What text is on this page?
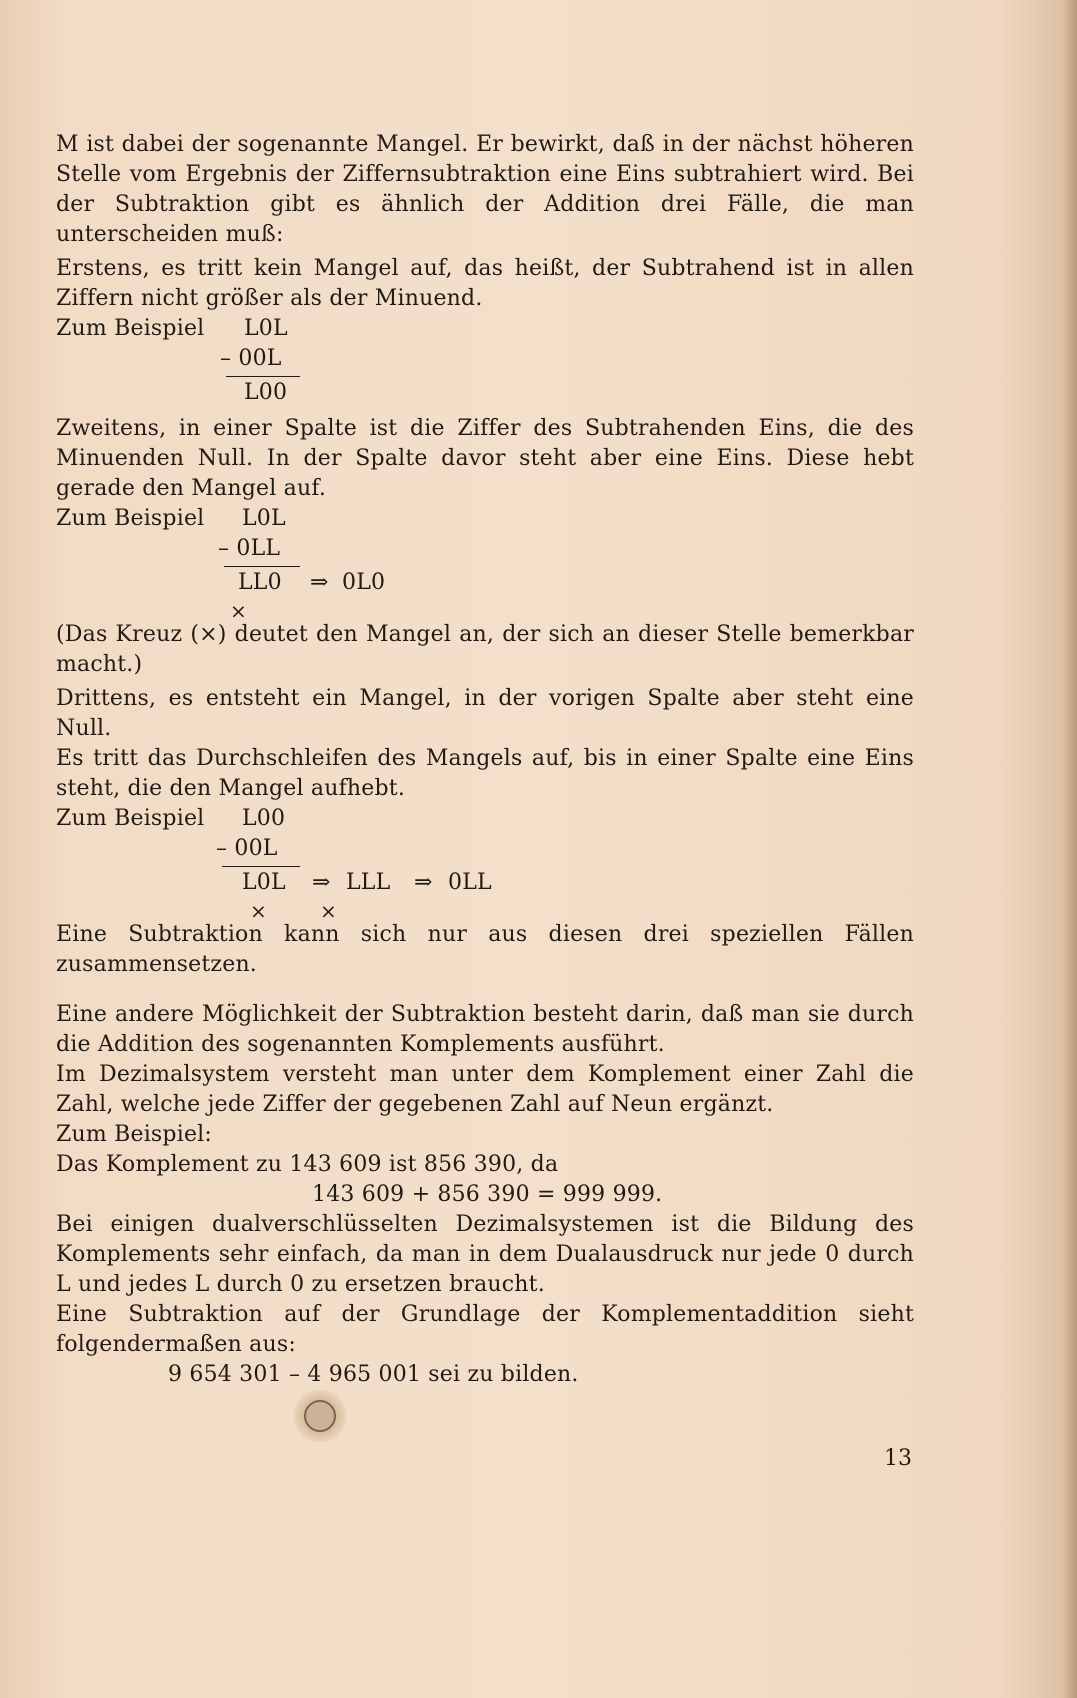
M ist dabei der sogenannte Mangel. Er bewirkt, daß in der nächst höheren Stelle vom Ergebnis der Ziffernsubtraktion eine Eins subtrahiert wird. Bei der Subtraktion gibt es ähnlich der Addition drei Fälle, die man unterscheiden muß:

Erstens, es tritt kein Mangel auf, das heißt, der Subtrahend ist in allen Ziffern nicht größer als der Minuend.

Zum Beispiel L0L
– 00L
L00

Zweitens, in einer Spalte ist die Ziffer des Subtrahenden Eins, die des Minuenden Null. In der Spalte davor steht aber eine Eins. Diese hebt gerade den Mangel auf.

Zum Beispiel L0L
– 0LL
LL0 ⇒ 0L0
×

(Das Kreuz (×) deutet den Mangel an, der sich an dieser Stelle bemerkbar macht.)

Drittens, es entsteht ein Mangel, in der vorigen Spalte aber steht eine Null.

Es tritt das Durchschleifen des Mangels auf, bis in einer Spalte eine Eins steht, die den Mangel aufhebt.

Zum Beispiel L00
– 00L
L0L ⇒ LLL ⇒ 0LL
×	×

Eine Subtraktion kann sich nur aus diesen drei speziellen Fällen zusammensetzen.

Eine andere Möglichkeit der Subtraktion besteht darin, daß man sie durch die Addition des sogenannten Komplements ausführt.

Im Dezimalsystem versteht man unter dem Komplement einer Zahl die Zahl, welche jede Ziffer der gegebenen Zahl auf Neun ergänzt.

Zum Beispiel:

Das Komplement zu 143 609 ist 856 390, da

143 609 + 856 390 = 999 999.

Bei einigen dualverschlüsselten Dezimalsystemen ist die Bildung des Komplements sehr einfach, da man in dem Dualausdruck nur jede 0 durch L und jedes L durch 0 zu ersetzen braucht.

Eine Subtraktion auf der Grundlage der Komplementaddition sieht folgendermaßen aus:

9 654 301 – 4 965 001 sei zu bilden.

13
